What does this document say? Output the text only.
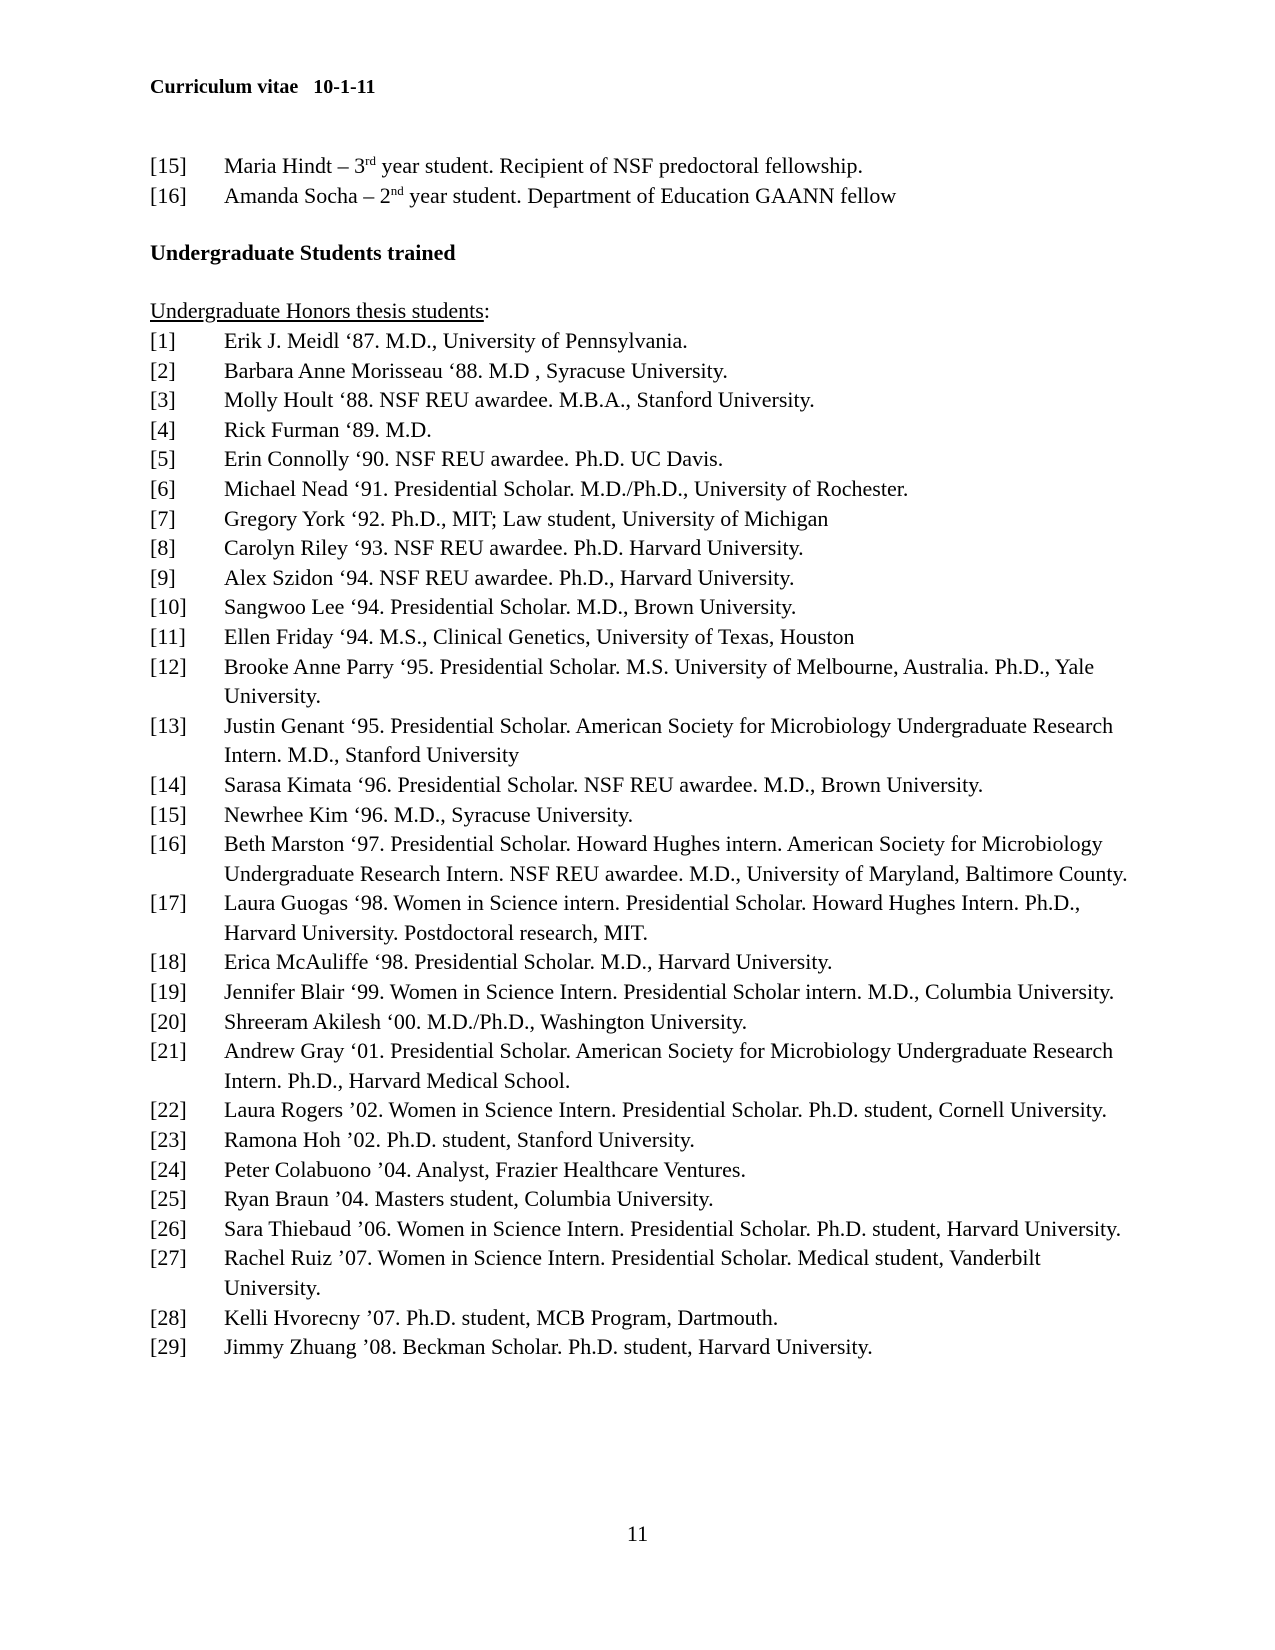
Curriculum vitae   10-1-11
[15] Maria Hindt – 3rd year student. Recipient of NSF predoctoral fellowship.
[16] Amanda Socha – 2nd year student. Department of Education GAANN fellow
Undergraduate Students trained
Undergraduate Honors thesis students:
[1] Erik J. Meidl ‘87. M.D., University of Pennsylvania.
[2] Barbara Anne Morisseau ‘88. M.D , Syracuse University.
[3] Molly Hoult ‘88. NSF REU awardee. M.B.A., Stanford University.
[4] Rick Furman ‘89. M.D.
[5] Erin Connolly ‘90. NSF REU awardee. Ph.D. UC Davis.
[6] Michael Nead ‘91. Presidential Scholar. M.D./Ph.D., University of Rochester.
[7] Gregory York ‘92. Ph.D., MIT; Law student, University of Michigan
[8] Carolyn Riley ‘93. NSF REU awardee. Ph.D. Harvard University.
[9] Alex Szidon ‘94. NSF REU awardee. Ph.D., Harvard University.
[10] Sangwoo Lee ‘94. Presidential Scholar. M.D., Brown University.
[11] Ellen Friday ‘94. M.S., Clinical Genetics, University of Texas, Houston
[12] Brooke Anne Parry ‘95. Presidential Scholar. M.S. University of Melbourne, Australia. Ph.D., Yale University.
[13] Justin Genant ‘95. Presidential Scholar. American Society for Microbiology Undergraduate Research Intern. M.D., Stanford University
[14] Sarasa Kimata ‘96. Presidential Scholar. NSF REU awardee. M.D., Brown University.
[15] Newrhee Kim ‘96. M.D., Syracuse University.
[16] Beth Marston ‘97. Presidential Scholar. Howard Hughes intern. American Society for Microbiology Undergraduate Research Intern. NSF REU awardee. M.D., University of Maryland, Baltimore County.
[17] Laura Guogas ‘98. Women in Science intern. Presidential Scholar. Howard Hughes Intern. Ph.D., Harvard University. Postdoctoral research, MIT.
[18] Erica McAuliffe ‘98. Presidential Scholar. M.D., Harvard University.
[19] Jennifer Blair ‘99. Women in Science Intern. Presidential Scholar intern. M.D., Columbia University.
[20] Shreeram Akilesh ‘00. M.D./Ph.D., Washington University.
[21] Andrew Gray ‘01. Presidential Scholar. American Society for Microbiology Undergraduate Research Intern. Ph.D., Harvard Medical School.
[22] Laura Rogers ’02. Women in Science Intern. Presidential Scholar. Ph.D. student, Cornell University.
[23] Ramona Hoh ’02. Ph.D. student, Stanford University.
[24] Peter Colabuono ’04. Analyst, Frazier Healthcare Ventures.
[25] Ryan Braun ’04. Masters student, Columbia University.
[26] Sara Thiebaud ’06. Women in Science Intern. Presidential Scholar. Ph.D. student, Harvard University.
[27] Rachel Ruiz ’07. Women in Science Intern. Presidential Scholar. Medical student, Vanderbilt University.
[28] Kelli Hvorecny ’07. Ph.D. student, MCB Program, Dartmouth.
[29] Jimmy Zhuang ’08. Beckman Scholar. Ph.D. student, Harvard University.
11
